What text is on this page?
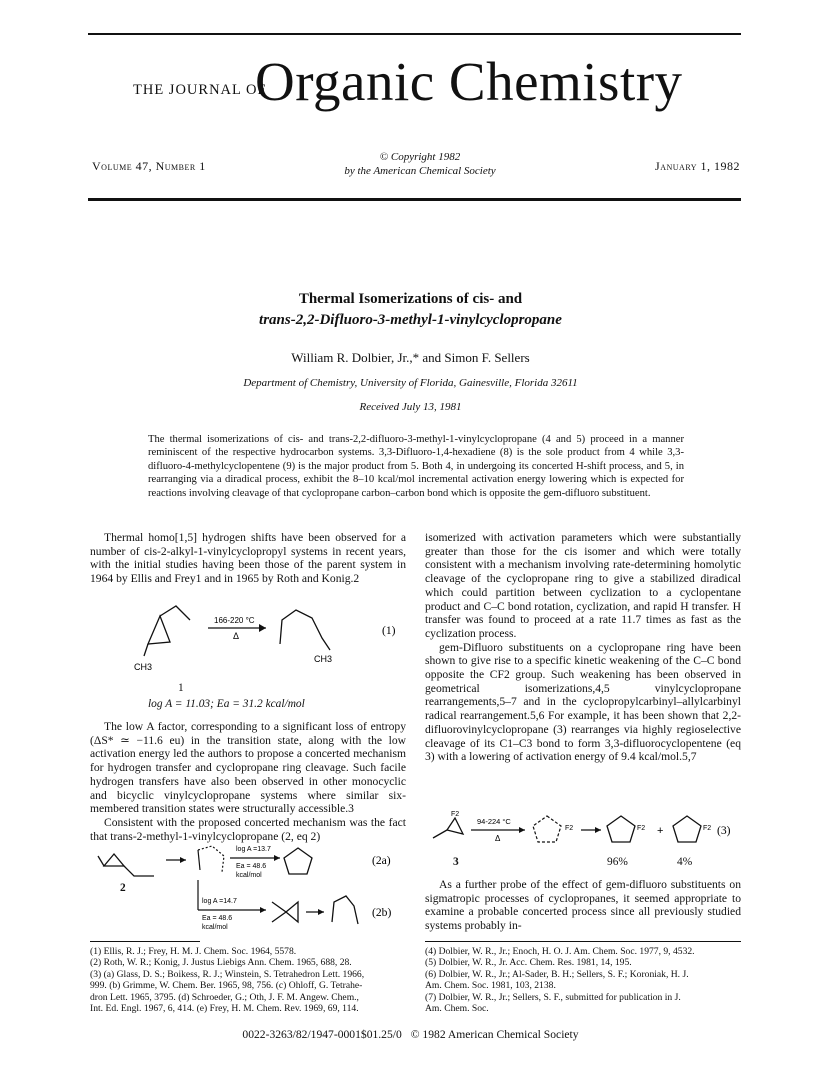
THE JOURNAL OF
Organic Chemistry
Volume 47, Number 1
© Copyright 1982
by the American Chemical Society	January 1, 1982
Thermal Isomerizations of cis- and
trans-2,2-Difluoro-3-methyl-1-vinylcyclopropane
William R. Dolbier, Jr.,* and Simon F. Sellers
Department of Chemistry, University of Florida, Gainesville, Florida 32611
Received July 13, 1981
The thermal isomerizations of cis- and trans-2,2-difluoro-3-methyl-1-vinylcyclopropane (4 and 5) proceed in a manner reminiscent of the respective hydrocarbon systems. 3,3-Difluoro-1,4-hexadiene (8) is the sole product from 4 while 3,3-difluoro-4-methylcyclopentene (9) is the major product from 5. Both 4, in undergoing its concerted H-shift process, and 5, in rearranging via a diradical process, exhibit the 8–10 kcal/mol incremental activation energy lowering which is expected for reactions involving cleavage of that cyclopropane carbon–carbon bond which is opposite the gem-difluoro substituent.

Thermal homo[1,5] hydrogen shifts have been observed for a number of cis-2-alkyl-1-vinylcyclopropyl systems in recent years, with the initial studies having been those of the parent system in 1964 by Ellis and Frey1 and in 1965 by Roth and Konig.2

CH3
166-220 °C
Δ
CH3
(1)
1
log A = 11.03; Ea = 31.2 kcal/mol

The low A factor, corresponding to a significant loss of entropy (ΔS* ≃ −11.6 eu) in the transition state, along with the low activation energy led the authors to propose a concerted mechanism for hydrogen transfer and cyclopropane ring cleavage. Such facile hydrogen transfers have also been observed in other monocyclic and bicyclic vinylcyclopropane systems where similar six-membered transition states were structurally accessible.3

Consistent with the proposed concerted mechanism was the fact that trans-2-methyl-1-vinylcyclopropane (2, eq 2)

log A =13.7
Ea = 48.6
kcal/mol
(2a)
log A =14.7
Ea = 48.6
kcal/mol
(2b)
2

isomerized with activation parameters which were substantially greater than those for the cis isomer and which were totally consistent with a mechanism involving rate-determining homolytic cleavage of the cyclopropane ring to give a stabilized diradical which could partition between cyclization to a cyclopentane product and C–C bond rotation, cyclization, and rapid H transfer. H transfer was found to proceed at a rate 11.7 times as fast as the cyclization process.

gem-Difluoro substituents on a cyclopropane ring have been shown to give rise to a specific kinetic weakening of the C–C bond opposite the CF2 group. Such weakening has been observed in geometrical isomerizations,4,5 vinylcyclopropane rearrangements,5–7 and in the cyclopropylcarbinyl–allylcarbinyl radical rearrangement.5,6 For example, it has been shown that 2,2-difluorovinylcyclopropane (3) rearranges via highly regioselective cleavage of its C1–C3 bond to form 3,3-difluorocyclopentene (eq 3) with a lowering of activation energy of 9.4 kcal/mol.5,7

F2
94-224 °C
Δ
F2	F2 +	F2 (3)
3	96%	4%

As a further probe of the effect of gem-difluoro substituents on sigmatropic processes of cyclopropanes, it seemed appropriate to examine a probable concerted process since all previously studied systems probably in-

(1) Ellis, R. J.; Frey, H. M. J. Chem. Soc. 1964, 5578.
(2) Roth, W. R.; Konig, J. Justus Liebigs Ann. Chem. 1965, 688, 28.
(3) (a) Glass, D. S.; Boikess, R. J.; Winstein, S. Tetrahedron Lett. 1966,
999. (b) Grimme, W. Chem. Ber. 1965, 98, 756. (c) Ohloff, G. Tetrahe-
dron Lett. 1965, 3795. (d) Schroeder, G.; Oth, J. F. M. Angew. Chem.,
Int. Ed. Engl. 1967, 6, 414. (e) Frey, H. M. Chem. Rev. 1969, 69, 114.
(4) Dolbier, W. R., Jr.; Enoch, H. O. J. Am. Chem. Soc. 1977, 9, 4532.
(5) Dolbier, W. R., Jr. Acc. Chem. Res. 1981, 14, 195.
(6) Dolbier, W. R., Jr.; Al-Sader, B. H.; Sellers, S. F.; Koroniak, H. J.
Am. Chem. Soc. 1981, 103, 2138.
(7) Dolbier, W. R., Jr.; Sellers, S. F., submitted for publication in J.
Am. Chem. Soc.
0022-3263/82/1947-0001$01.25/0 © 1982 American Chemical Society
